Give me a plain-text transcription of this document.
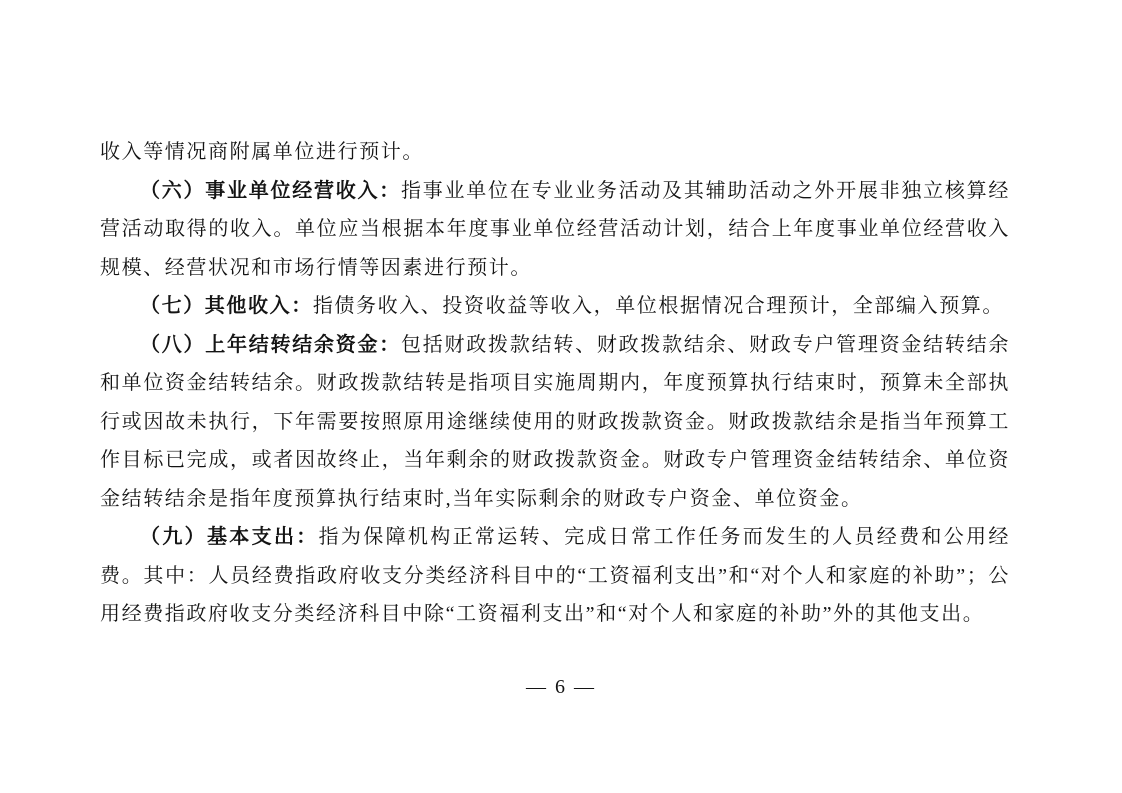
收入等情况商附属单位进行预计。

（六）事业单位经营收入：指事业单位在专业业务活动及其辅助活动之外开展非独立核算经营活动取得的收入。单位应当根据本年度事业单位经营活动计划，结合上年度事业单位经营收入规模、经营状况和市场行情等因素进行预计。

（七）其他收入：指债务收入、投资收益等收入，单位根据情况合理预计，全部编入预算。

（八）上年结转结余资金：包括财政拨款结转、财政拨款结余、财政专户管理资金结转结余和单位资金结转结余。财政拨款结转是指项目实施周期内，年度预算执行结束时，预算未全部执行或因故未执行，下年需要按照原用途继续使用的财政拨款资金。财政拨款结余是指当年预算工作目标已完成，或者因故终止，当年剩余的财政拨款资金。财政专户管理资金结转结余、单位资金结转结余是指年度预算执行结束时,当年实际剩余的财政专户资金、单位资金。

（九）基本支出：指为保障机构正常运转、完成日常工作任务而发生的人员经费和公用经费。其中：人员经费指政府收支分类经济科目中的“工资福利支出”和“对个人和家庭的补助”；公用经费指政府收支分类经济科目中除“工资福利支出”和“对个人和家庭的补助”外的其他支出。

— 6 —
